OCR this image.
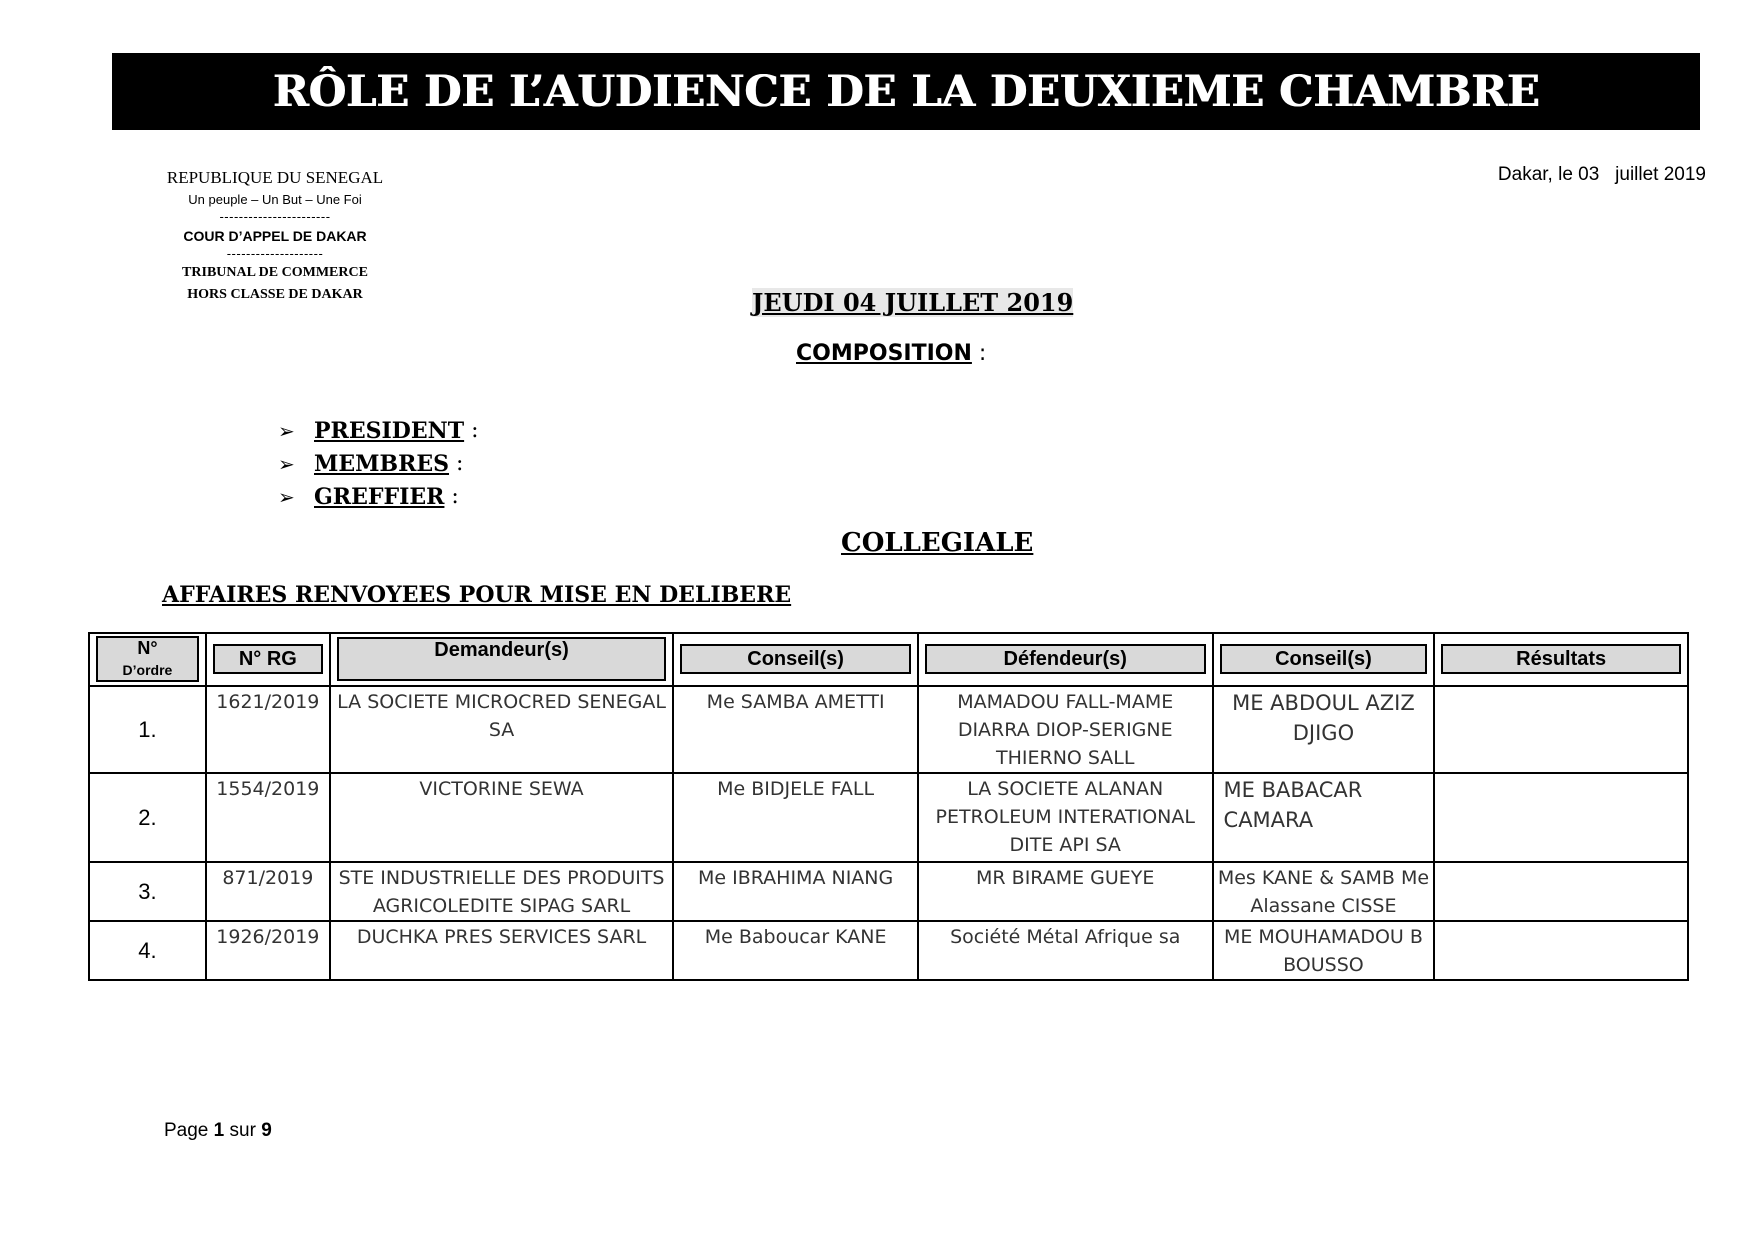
RÔLE DE L’AUDIENCE DE LA DEUXIEME CHAMBRE
REPUBLIQUE DU SENEGAL
Un peuple – Un But – Une Foi
-----------------------
COUR D’APPEL DE DAKAR
--------------------
TRIBUNAL DE COMMERCE
HORS CLASSE DE DAKAR
Dakar, le 03   juillet 2019
JEUDI 04 JUILLET 2019
COMPOSITION :
➢ PRESIDENT :
➢ MEMBRES :
➢ GREFFIER :
COLLEGIALE
AFFAIRES RENVOYEES POUR MISE EN DELIBERE
N°
D’ordre	N° RG	Demandeur(s)	Conseil(s)	Défendeur(s)	Conseil(s)	Résultats

1.	1621/2019	LA SOCIETE MICROCRED SENEGAL SA	Me SAMBA AMETTI	MAMADOU FALL-MAME DIARRA DIOP-SERIGNE THIERNO SALL	ME ABDOUL AZIZ DJIGO	
2.	1554/2019	VICTORINE SEWA	Me BIDJELE FALL	LA SOCIETE ALANAN PETROLEUM INTERATIONAL DITE API SA	ME BABACAR CAMARA	
3.	871/2019	STE INDUSTRIELLE DES PRODUITS AGRICOLEDITE SIPAG SARL	Me IBRAHIMA NIANG	MR BIRAME GUEYE	Mes KANE & SAMB Me Alassane CISSE	
4.	1926/2019	DUCHKA PRES SERVICES SARL	Me Baboucar KANE	Société Métal Afrique sa	ME MOUHAMADOU B BOUSSO	
Page 1 sur 9
